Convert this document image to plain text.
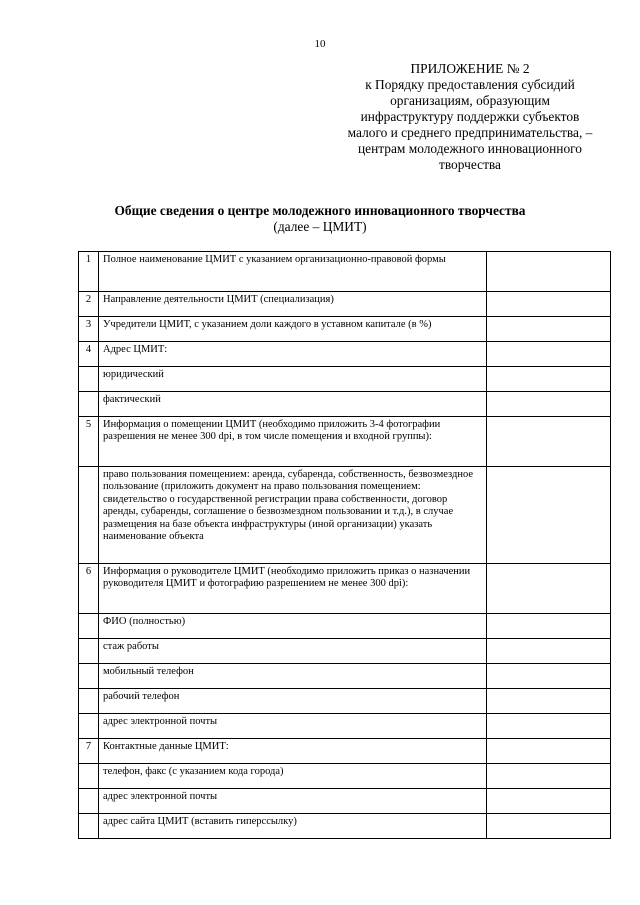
10
ПРИЛОЖЕНИЕ № 2
к Порядку предоставления субсидий
организациям, образующим
инфраструктуру поддержки субъектов
малого и среднего предпринимательства, –
центрам молодежного инновационного
творчества
Общие сведения о центре молодежного инновационного творчества
(далее – ЦМИТ)
1	Полное наименование ЦМИТ с указанием организационно-правовой формы	
2	Направление деятельности ЦМИТ (специализация)	
3	Учредители ЦМИТ, с указанием доли каждого в уставном капитале (в %)	
4	Адрес ЦМИТ:	
	юридический	
	фактический	
5	Информация о помещении ЦМИТ (необходимо приложить 3-4 фотографии разрешения не менее 300 dpi, в том числе помещения и входной группы):	
	право пользования помещением: аренда, субаренда, собственность, безвозмездное пользование (приложить документ на право пользования помещением: свидетельство о государственной регистрации права собственности, договор аренды, субаренды, соглашение о безвозмездном пользовании и т.д.), в случае размещения на базе объекта инфраструктуры (иной организации) указать наименование объекта	
6	Информация о руководителе ЦМИТ (необходимо приложить приказ о назначении руководителя ЦМИТ и фотографию разрешением не менее 300 dpi):	
	ФИО (полностью)	
	стаж работы	
	мобильный телефон	
	рабочий телефон	
	адрес электронной почты	
7	Контактные данные ЦМИТ:	
	телефон, факс (с указанием кода города)	
	адрес электронной почты	
	адрес сайта ЦМИТ (вставить гиперссылку)	
